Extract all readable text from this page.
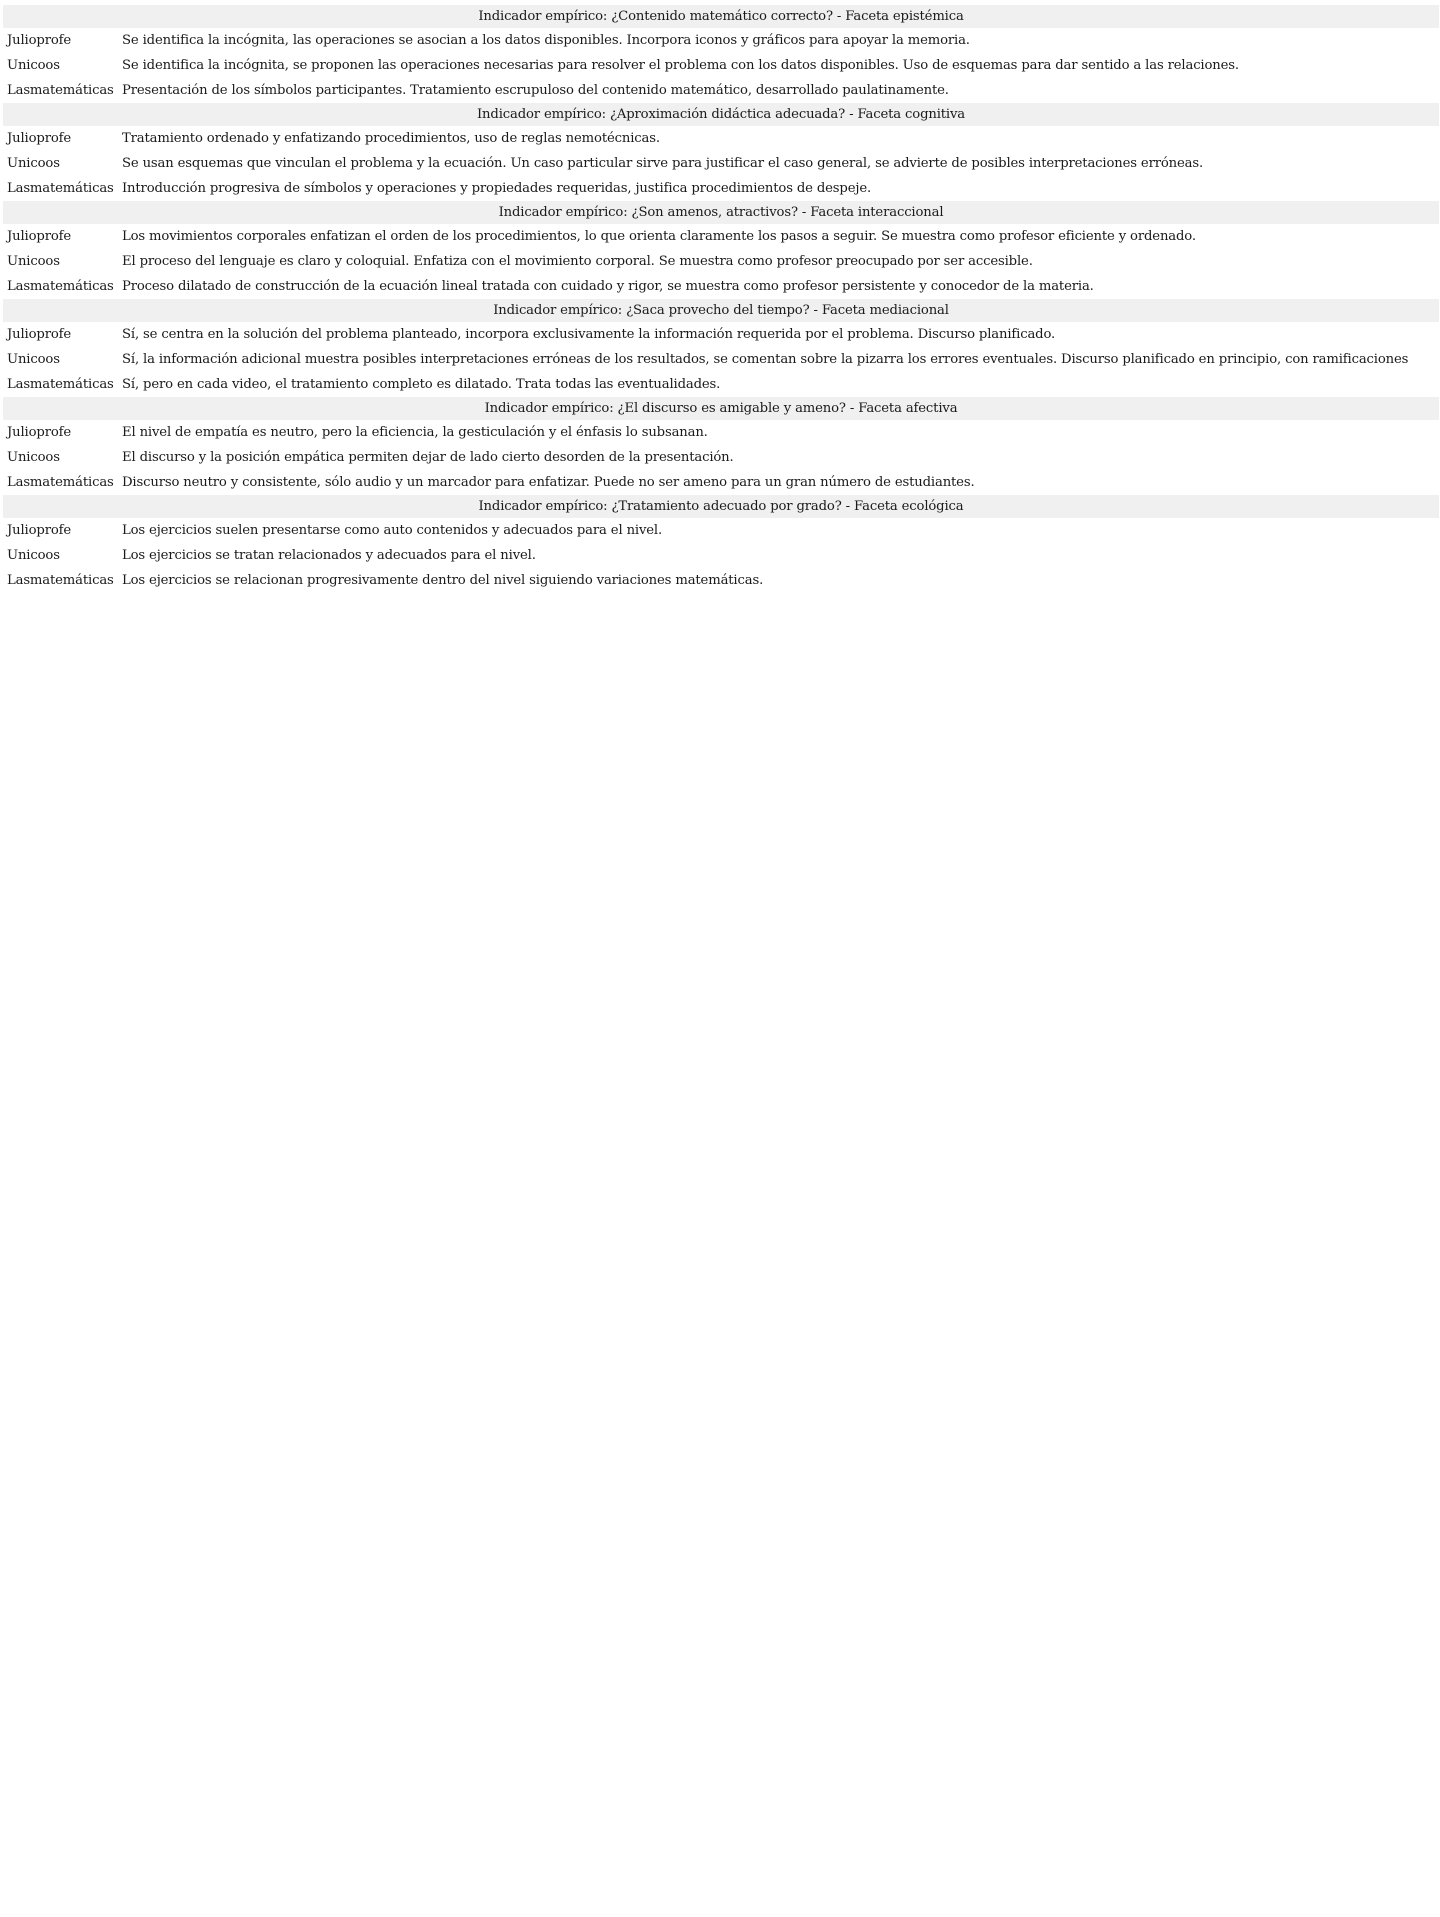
Indicador empírico: ¿Contenido matemático correcto? - Faceta epistémica	
Julioprofe	Se identifica la incógnita, las operaciones se asocian a los datos disponibles. Incorpora iconos y gráficos para apoyar la memoria.
Unicoos	Se identifica la incógnita, se proponen las operaciones necesarias para resolver el problema con los datos disponibles. Uso de esquemas para dar sentido a las relaciones.
Lasmatemáticas	Presentación de los símbolos participantes. Tratamiento escrupuloso del contenido matemático, desarrollado paulatinamente.
Indicador empírico: ¿Aproximación didáctica adecuada? - Faceta cognitiva	
Julioprofe	Tratamiento ordenado y enfatizando procedimientos, uso de reglas nemotécnicas.
Unicoos	Se usan esquemas que vinculan el problema y la ecuación. Un caso particular sirve para justificar el caso general, se advierte de posibles interpretaciones erróneas.
Lasmatemáticas	Introducción progresiva de símbolos y operaciones y propiedades requeridas, justifica procedimientos de despeje.
Indicador empírico: ¿Son amenos, atractivos? - Faceta interaccional	
Julioprofe	Los movimientos corporales enfatizan el orden de los procedimientos, lo que orienta claramente los pasos a seguir. Se muestra como profesor eficiente y ordenado.
Unicoos	El proceso del lenguaje es claro y coloquial. Enfatiza con el movimiento corporal. Se muestra como profesor preocupado por ser accesible.
Lasmatemáticas	Proceso dilatado de construcción de la ecuación lineal tratada con cuidado y rigor, se muestra como profesor persistente y conocedor de la materia.
Indicador empírico: ¿Saca provecho del tiempo? - Faceta mediacional	
Julioprofe	Sí, se centra en la solución del problema planteado, incorpora exclusivamente la información requerida por el problema. Discurso planificado.
Unicoos	Sí, la información adicional muestra posibles interpretaciones erróneas de los resultados, se comentan sobre la pizarra los errores eventuales. Discurso planificado en principio, con ramificaciones
Lasmatemáticas	Sí, pero en cada video, el tratamiento completo es dilatado. Trata todas las eventualidades.
Indicador empírico: ¿El discurso es amigable y ameno? - Faceta afectiva	
Julioprofe	El nivel de empatía es neutro, pero la eficiencia, la gesticulación y el énfasis lo subsanan.
Unicoos	El discurso y la posición empática permiten dejar de lado cierto desorden de la presentación.
Lasmatemáticas	Discurso neutro y consistente, sólo audio y un marcador para enfatizar. Puede no ser ameno para un gran número de estudiantes.
Indicador empírico: ¿Tratamiento adecuado por grado? - Faceta ecológica	
Julioprofe	Los ejercicios suelen presentarse como auto contenidos y adecuados para el nivel.
Unicoos	Los ejercicios se tratan relacionados y adecuados para el nivel.
Lasmatemáticas	Los ejercicios se relacionan progresivamente dentro del nivel siguiendo variaciones matemáticas.
